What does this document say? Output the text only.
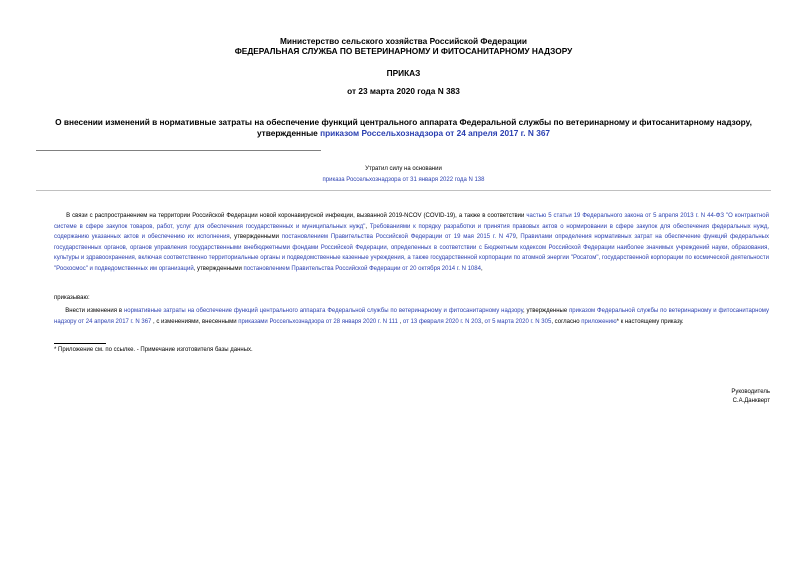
Министерство сельского хозяйства Российской Федерации
ФЕДЕРАЛЬНАЯ СЛУЖБА ПО ВЕТЕРИНАРНОМУ И ФИТОСАНИТАРНОМУ НАДЗОРУ
ПРИКАЗ
от 23 марта 2020 года N 383
О внесении изменений в нормативные затраты на обеспечение функций центрального аппарата Федеральной службы по ветеринарному и фитосанитарному надзору, утвержденные приказом Россельхознадзора от 24 апреля 2017 г. N 367
Утратил силу на основании
приказа Россельхознадзора от 31 января 2022 года N 138
В связи с распространением на территории Российской Федерации новой коронавирусной инфекции, вызванной 2019-NCOV (COVID-19), а также в соответствии частью 5 статьи 19 Федерального закона от 5 апреля 2013 г. N 44-ФЗ "О контрактной системе в сфере закупок товаров, работ, услуг для обеспечения государственных и муниципальных нужд", Требованиями к порядку разработки и принятия правовых актов о нормировании в сфере закупок для обеспечения федеральных нужд, содержанию указанных актов и обеспечению их исполнения, утвержденными постановлением Правительства Российской Федерации от 19 мая 2015 г. N 479, Правилами определения нормативных затрат на обеспечение функций федеральных государственных органов, органов управления государственными внебюджетными фондами Российской Федерации, определенных в соответствии с Бюджетным кодексом Российской Федерации наиболее значимых учреждений науки, образования, культуры и здравоохранения, включая соответственно территориальные органы и подведомственные казенные учреждения, а также государственной корпорации по атомной энергии "Росатом", государственной корпорации по космической деятельности "Роскосмос" и подведомственных им организаций, утвержденными постановлением Правительства Российской Федерации от 20 октября 2014 г. N 1084,
приказываю:
Внести изменения в нормативные затраты на обеспечение функций центрального аппарата Федеральной службы по ветеринарному и фитосанитарному надзору, утвержденные приказом Федеральной службы по ветеринарному и фитосанитарному надзору от 24 апреля 2017 г. N 367 , с изменениями, внесенными приказами Россельхознадзора от 28 января 2020 г. N 111 , от 13 февраля 2020 г. N 203, от 5 марта 2020 г. N 305, согласно приложению* к настоящему приказу.
* Приложение см. по ссылке. - Примечание изготовителя базы данных.
Руководитель
С.А.Данкверт
